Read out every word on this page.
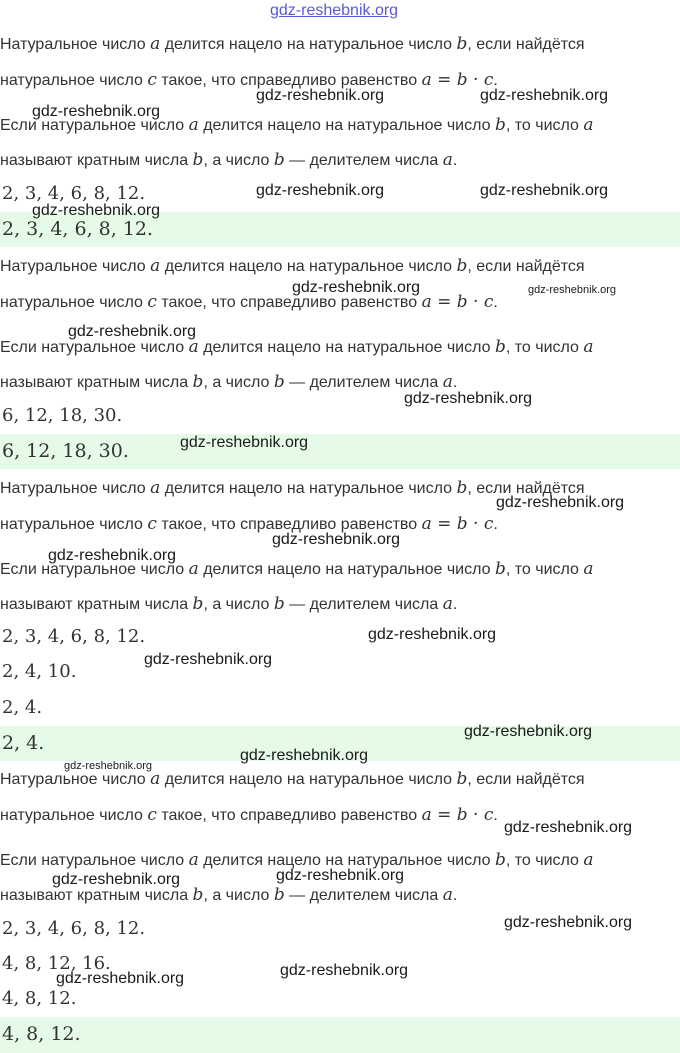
gdz-reshebnik.org
Натуральное число a делится нацело на натуральное число b, если найдётся
натуральное число c такое, что справедливо равенство a = b · c.
Если натуральное число a делится нацело на натуральное число b, то число a
называют кратным числа b, а число b — делителем числа a.
2, 3, 4, 6, 8, 12.
2, 3, 4, 6, 8, 12.
Натуральное число a делится нацело на натуральное число b, если найдётся
натуральное число c такое, что справедливо равенство a = b · c.
Если натуральное число a делится нацело на натуральное число b, то число a
называют кратным числа b, а число b — делителем числа a.
6, 12, 18, 30.
6, 12, 18, 30.
Натуральное число a делится нацело на натуральное число b, если найдётся
натуральное число c такое, что справедливо равенство a = b · c.
Если натуральное число a делится нацело на натуральное число b, то число a
называют кратным числа b, а число b — делителем числа a.
2, 3, 4, 6, 8, 12.
2, 4, 10.
2, 4.
2, 4.
Натуральное число a делится нацело на натуральное число b, если найдётся
натуральное число c такое, что справедливо равенство a = b · c.
Если натуральное число a делится нацело на натуральное число b, то число a
называют кратным числа b, а число b — делителем числа a.
2, 3, 4, 6, 8, 12.
4, 8, 12, 16.
4, 8, 12.
4, 8, 12.
gdz-reshebnik.org	gdz-reshebnik.org
gdz-reshebnik.org
gdz-reshebnik.org	gdz-reshebnik.org
gdz-reshebnik.org
gdz-reshebnik.org	gdz-reshebnik.org
gdz-reshebnik.org
gdz-reshebnik.org
gdz-reshebnik.org
gdz-reshebnik.org
gdz-reshebnik.org
gdz-reshebnik.org
gdz-reshebnik.org
gdz-reshebnik.org
gdz-reshebnik.org
gdz-reshebnik.org
gdz-reshebnik.org
gdz-reshebnik.org
gdz-reshebnik.org
gdz-reshebnik.org
gdz-reshebnik.org
gdz-reshebnik.org
gdz-reshebnik.org
